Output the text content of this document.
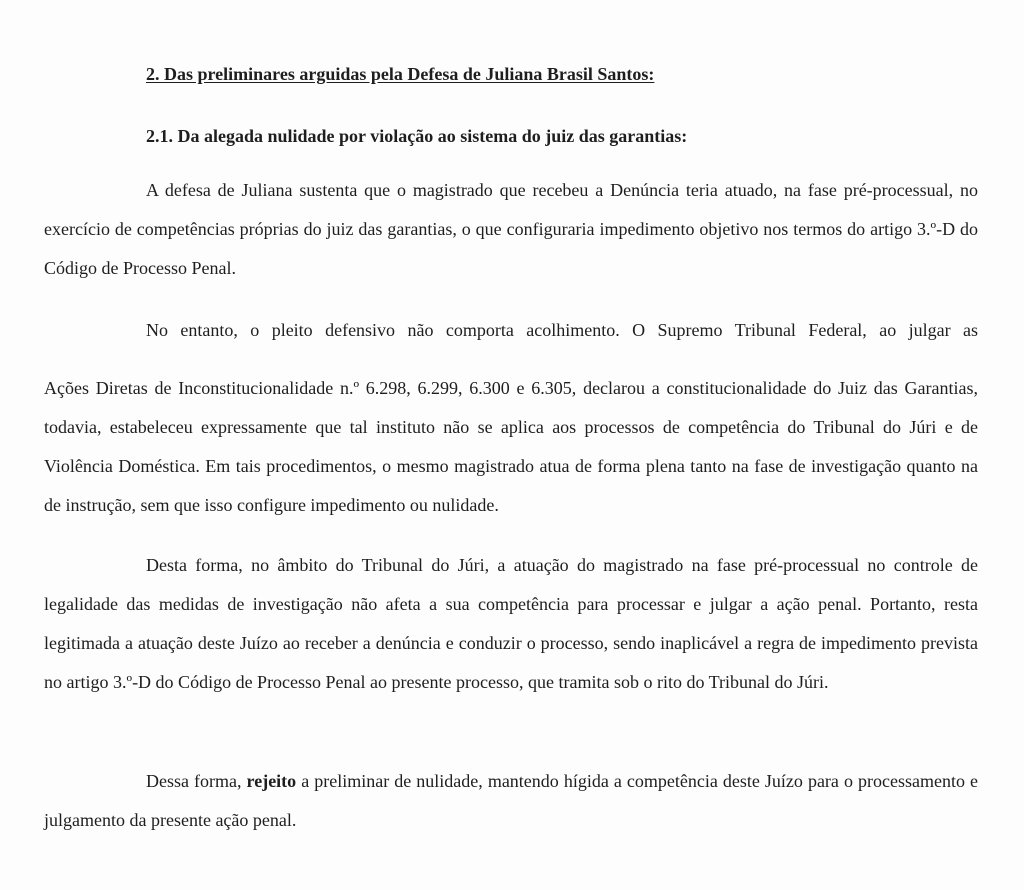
2. Das preliminares arguidas pela Defesa de Juliana Brasil Santos:

2.1. Da alegada nulidade por violação ao sistema do juiz das garantias:

A defesa de Juliana sustenta que o magistrado que recebeu a Denúncia teria atuado, na fase pré-processual, no exercício de competências próprias do juiz das garantias, o que configuraria impedimento objetivo nos termos do artigo 3.º-D do Código de Processo Penal.

No entanto, o pleito defensivo não comporta acolhimento. O Supremo Tribunal Federal, ao julgar as

Ações Diretas de Inconstitucionalidade n.º 6.298, 6.299, 6.300 e 6.305, declarou a constitucionalidade do Juiz das Garantias, todavia, estabeleceu expressamente que tal instituto não se aplica aos processos de competência do Tribunal do Júri e de Violência Doméstica. Em tais procedimentos, o mesmo magistrado atua de forma plena tanto na fase de investigação quanto na de instrução, sem que isso configure impedimento ou nulidade.

Desta forma, no âmbito do Tribunal do Júri, a atuação do magistrado na fase pré-processual no controle de legalidade das medidas de investigação não afeta a sua competência para processar e julgar a ação penal. Portanto, resta legitimada a atuação deste Juízo ao receber a denúncia e conduzir o processo, sendo inaplicável a regra de impedimento prevista no artigo 3.º-D do Código de Processo Penal ao presente processo, que tramita sob o rito do Tribunal do Júri.

Dessa forma, rejeito a preliminar de nulidade, mantendo hígida a competência deste Juízo para o processamento e julgamento da presente ação penal.
